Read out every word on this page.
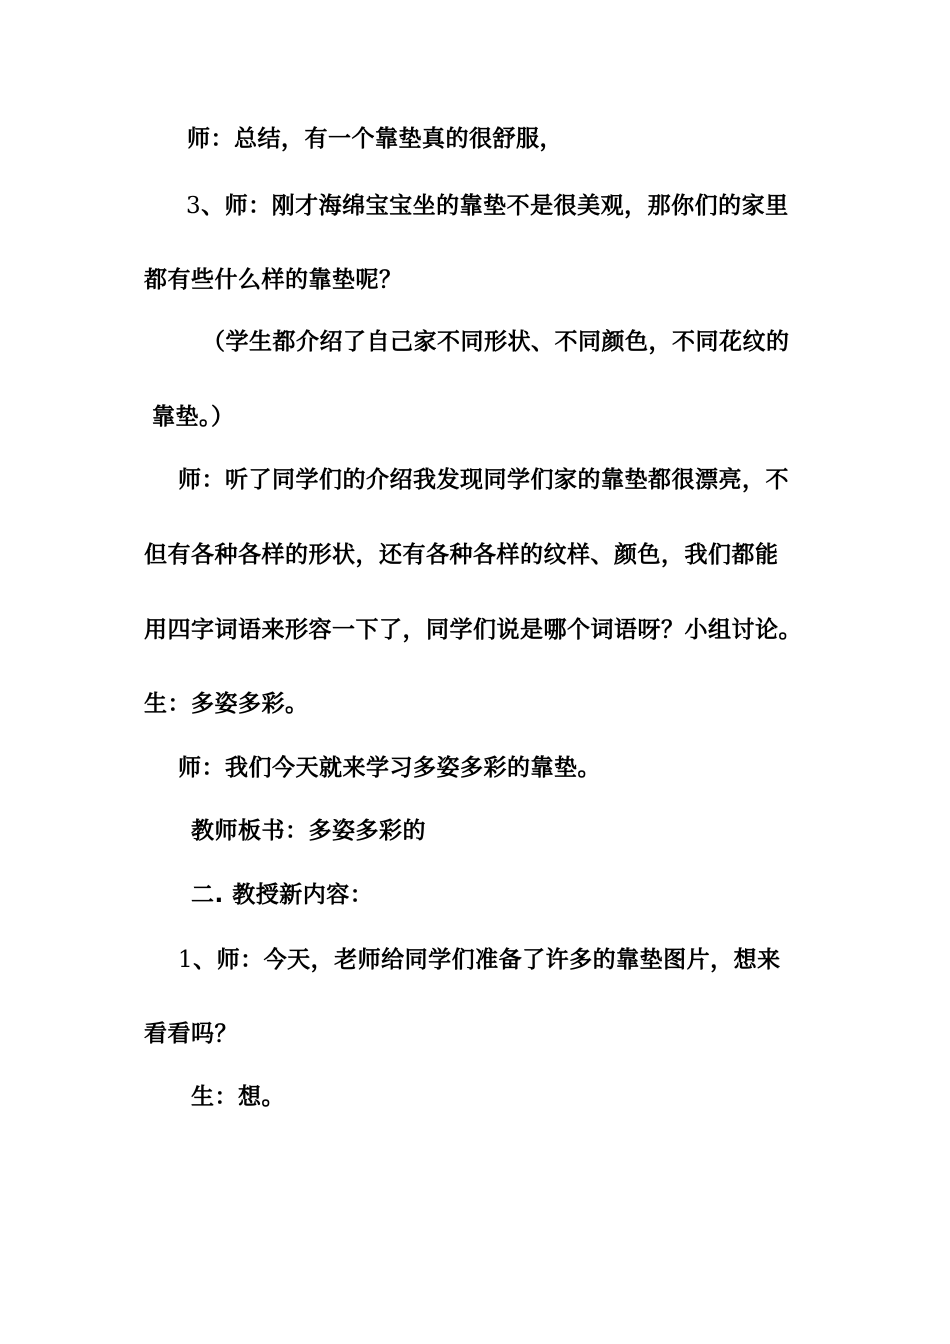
师：总结，有一个靠垫真的很舒服，

3、师：刚才海绵宝宝坐的靠垫不是很美观，那你们的家里

都有些什么样的靠垫呢？

（学生都介绍了自己家不同形状、不同颜色，不同花纹的

靠垫。）

师：听了同学们的介绍我发现同学们家的靠垫都很漂亮，不

但有各种各样的形状，还有各种各样的纹样、颜色，我们都能

用四字词语来形容一下了，同学们说是哪个词语呀？小组讨论。

生：多姿多彩。

师：我们今天就来学习多姿多彩的靠垫。

教师板书：多姿多彩的

二. 教授新内容：

1、师：今天，老师给同学们准备了许多的靠垫图片，想来

看看吗？

生：想。
